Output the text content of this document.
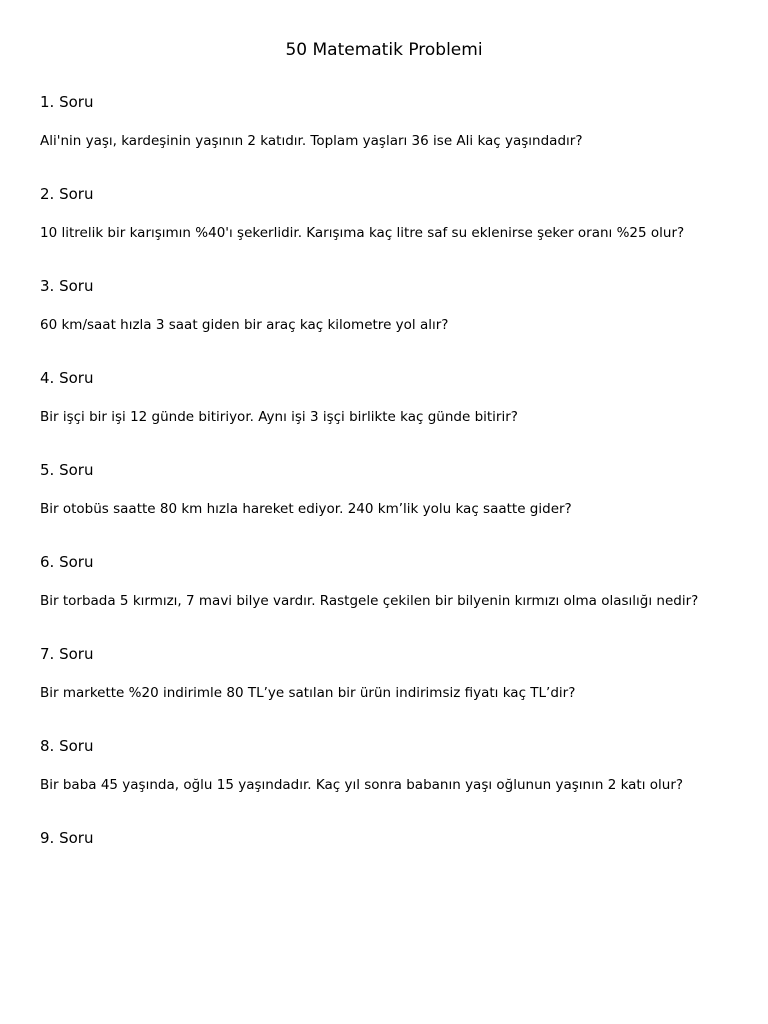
50 Matematik Problemi
1. Soru

Ali'nin yaşı, kardeşinin yaşının 2 katıdır. Toplam yaşları 36 ise Ali kaç yaşındadır?

2. Soru

10 litrelik bir karışımın %40'ı şekerlidir. Karışıma kaç litre saf su eklenirse şeker oranı %25 olur?

3. Soru

60 km/saat hızla 3 saat giden bir araç kaç kilometre yol alır?

4. Soru

Bir işçi bir işi 12 günde bitiriyor. Aynı işi 3 işçi birlikte kaç günde bitirir?

5. Soru

Bir otobüs saatte 80 km hızla hareket ediyor. 240 km’lik yolu kaç saatte gider?

6. Soru

Bir torbada 5 kırmızı, 7 mavi bilye vardır. Rastgele çekilen bir bilyenin kırmızı olma olasılığı nedir?

7. Soru

Bir markette %20 indirimle 80 TL’ye satılan bir ürün indirimsiz fiyatı kaç TL’dir?

8. Soru

Bir baba 45 yaşında, oğlu 15 yaşındadır. Kaç yıl sonra babanın yaşı oğlunun yaşının 2 katı olur?

9. Soru
